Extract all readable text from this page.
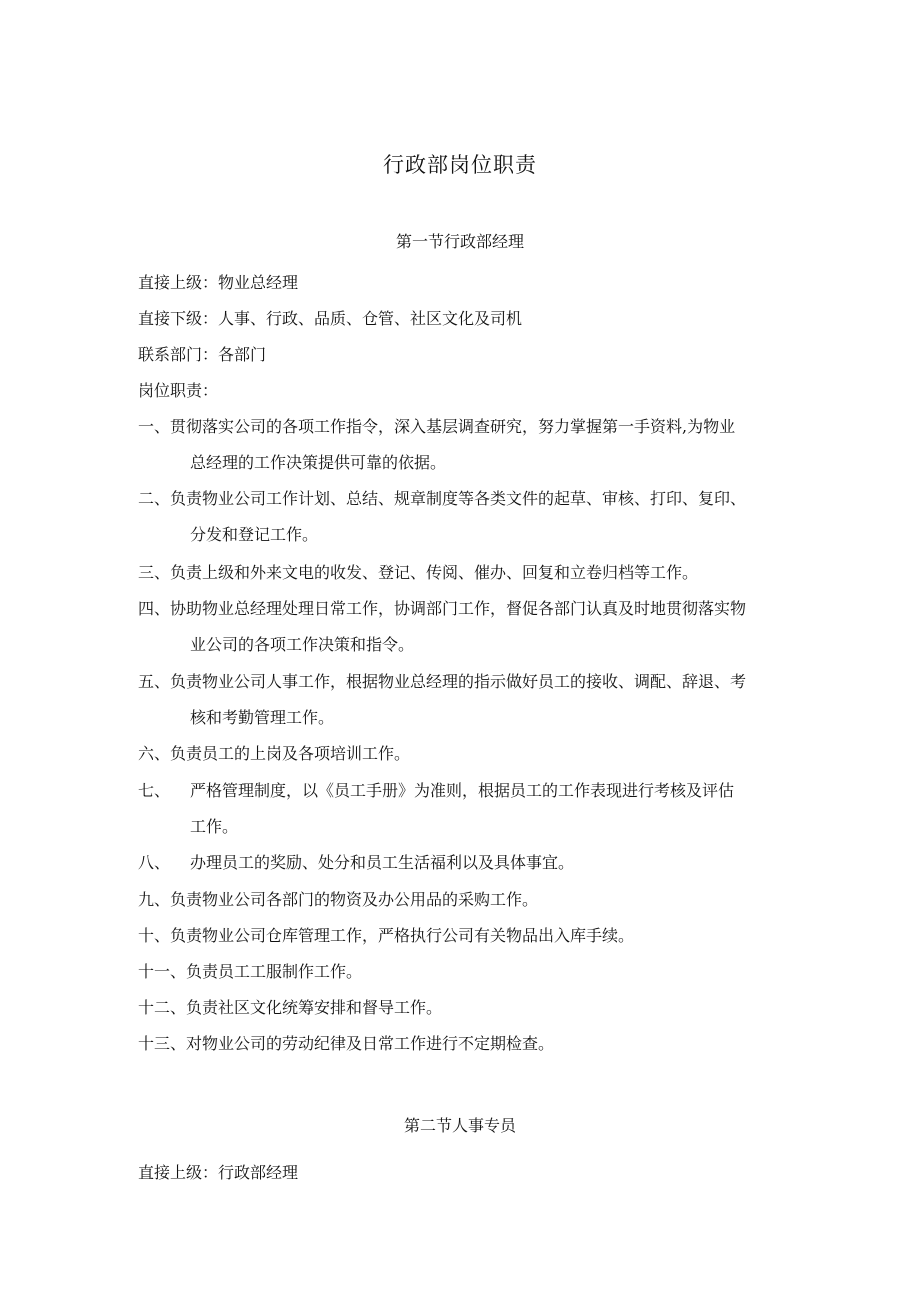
行政部岗位职责
第一节行政部经理
直接上级：物业总经理
直接下级：人事、行政、品质、仓管、社区文化及司机
联系部门：各部门
岗位职责：
一、贯彻落实公司的各项工作指令，深入基层调查研究，努力掌握第一手资料,为物业
总经理的工作决策提供可靠的依据。
二、负责物业公司工作计划、总结、规章制度等各类文件的起草、审核、打印、复印、
分发和登记工作。
三、负责上级和外来文电的收发、登记、传阅、催办、回复和立卷归档等工作。
四、协助物业总经理处理日常工作，协调部门工作，督促各部门认真及时地贯彻落实物
业公司的各项工作决策和指令。
五、负责物业公司人事工作，根据物业总经理的指示做好员工的接收、调配、辞退、考
核和考勤管理工作。
六、负责员工的上岗及各项培训工作。
七、 严格管理制度，以《员工手册》为准则，根据员工的工作表现进行考核及评估
工作。
八、 办理员工的奖励、处分和员工生活福利以及具体事宜。
九、负责物业公司各部门的物资及办公用品的采购工作。
十、负责物业公司仓库管理工作，严格执行公司有关物品出入库手续。
十一、负责员工工服制作工作。
十二、负责社区文化统筹安排和督导工作。
十三、对物业公司的劳动纪律及日常工作进行不定期检查。
第二节人事专员
直接上级：行政部经理
